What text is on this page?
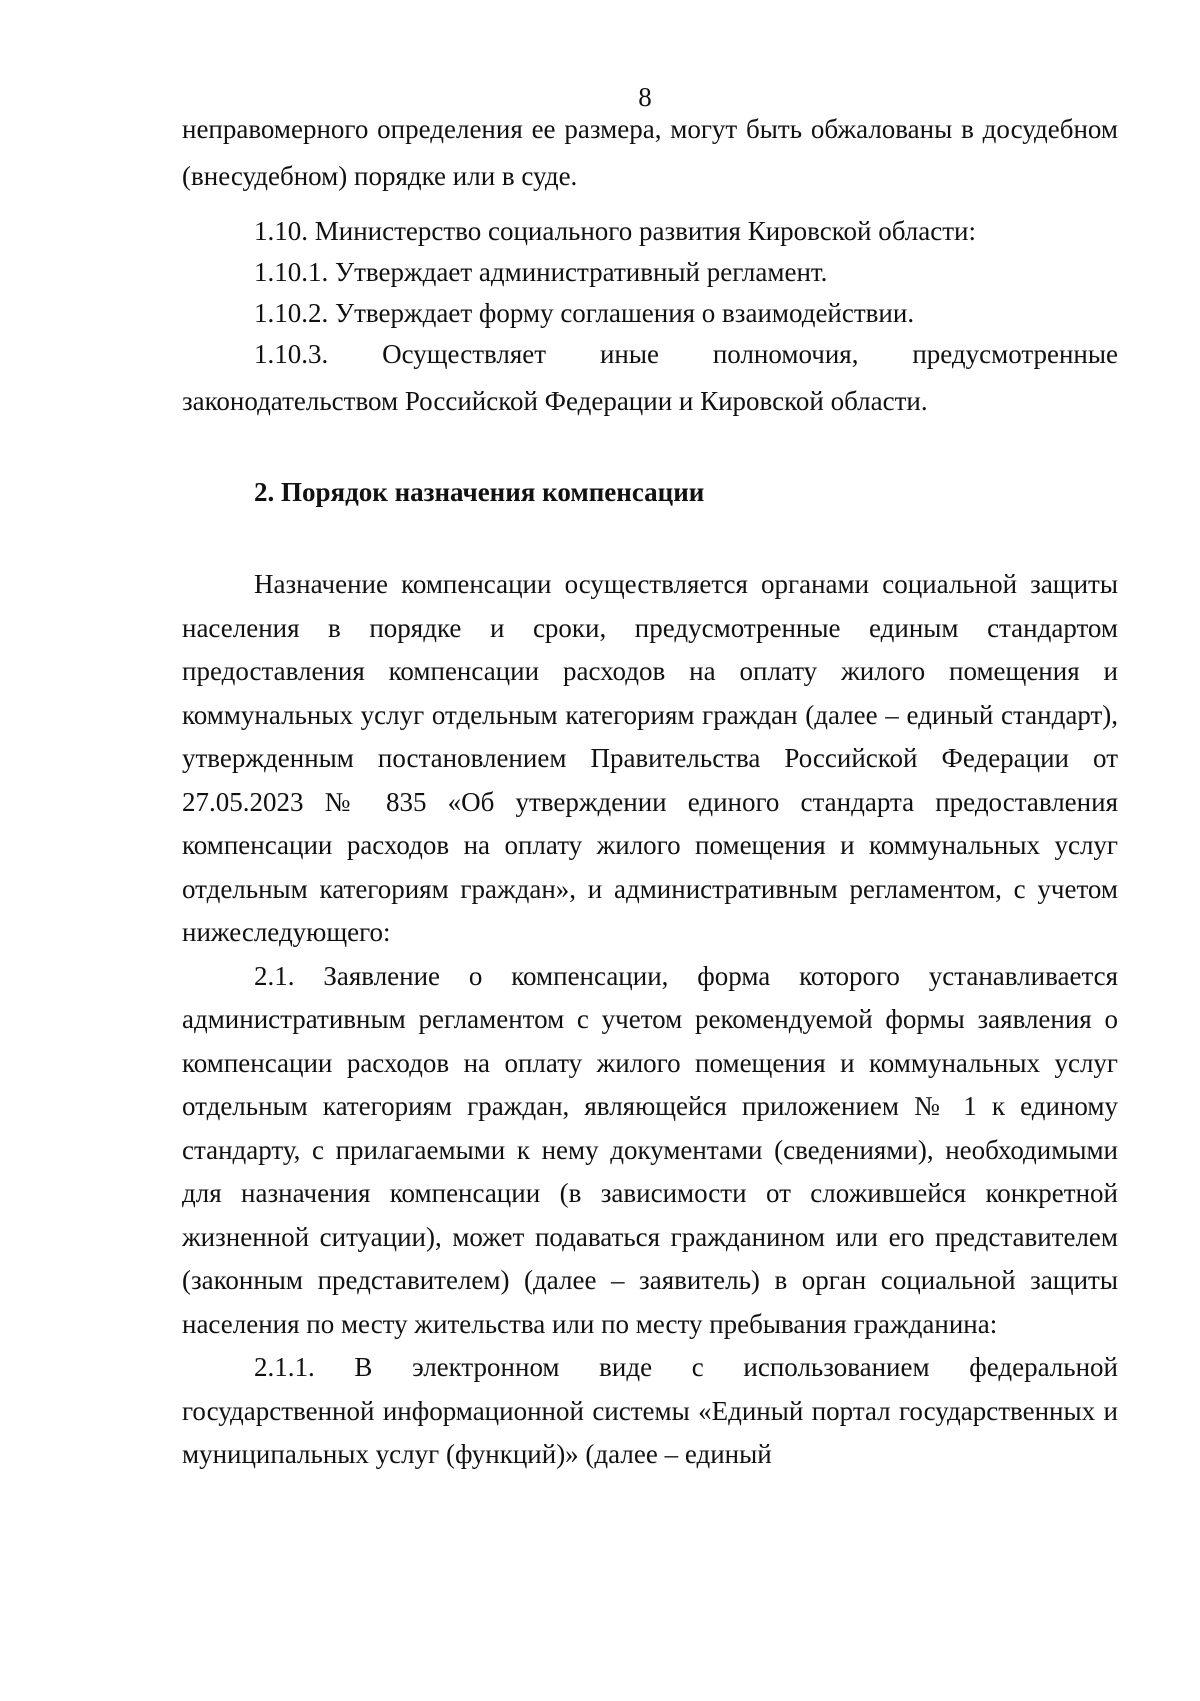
8

неправомерного определения ее размера, могут быть обжалованы в досудебном (внесудебном) порядке или в суде.

1.10. Министерство социального развития Кировской области:

1.10.1. Утверждает административный регламент.

1.10.2. Утверждает форму соглашения о взаимодействии.

1.10.3. Осуществляет иные полномочия, предусмотренные законодательством Российской Федерации и Кировской области.

2. Порядок назначения компенсации

Назначение компенсации осуществляется органами социальной защиты населения в порядке и сроки, предусмотренные единым стандартом предоставления компенсации расходов на оплату жилого помещения и коммунальных услуг отдельным категориям граждан (далее – единый стандарт), утвержденным постановлением Правительства Российской Федерации от 27.05.2023 № 835 «Об утверждении единого стандарта предоставления компенсации расходов на оплату жилого помещения и коммунальных услуг отдельным категориям граждан», и административным регламентом, с учетом нижеследующего:

2.1. Заявление о компенсации, форма которого устанавливается административным регламентом с учетом рекомендуемой формы заявления о компенсации расходов на оплату жилого помещения и коммунальных услуг отдельным категориям граждан, являющейся приложением № 1 к единому стандарту, с прилагаемыми к нему документами (сведениями), необходимыми для назначения компенсации (в зависимости от сложившейся конкретной жизненной ситуации), может подаваться гражданином или его представителем (законным представителем) (далее – заявитель) в орган социальной защиты населения по месту жительства или по месту пребывания гражданина:

2.1.1. В электронном виде с использованием федеральной государственной информационной системы «Единый портал государственных и муниципальных услуг (функций)» (далее – единый
